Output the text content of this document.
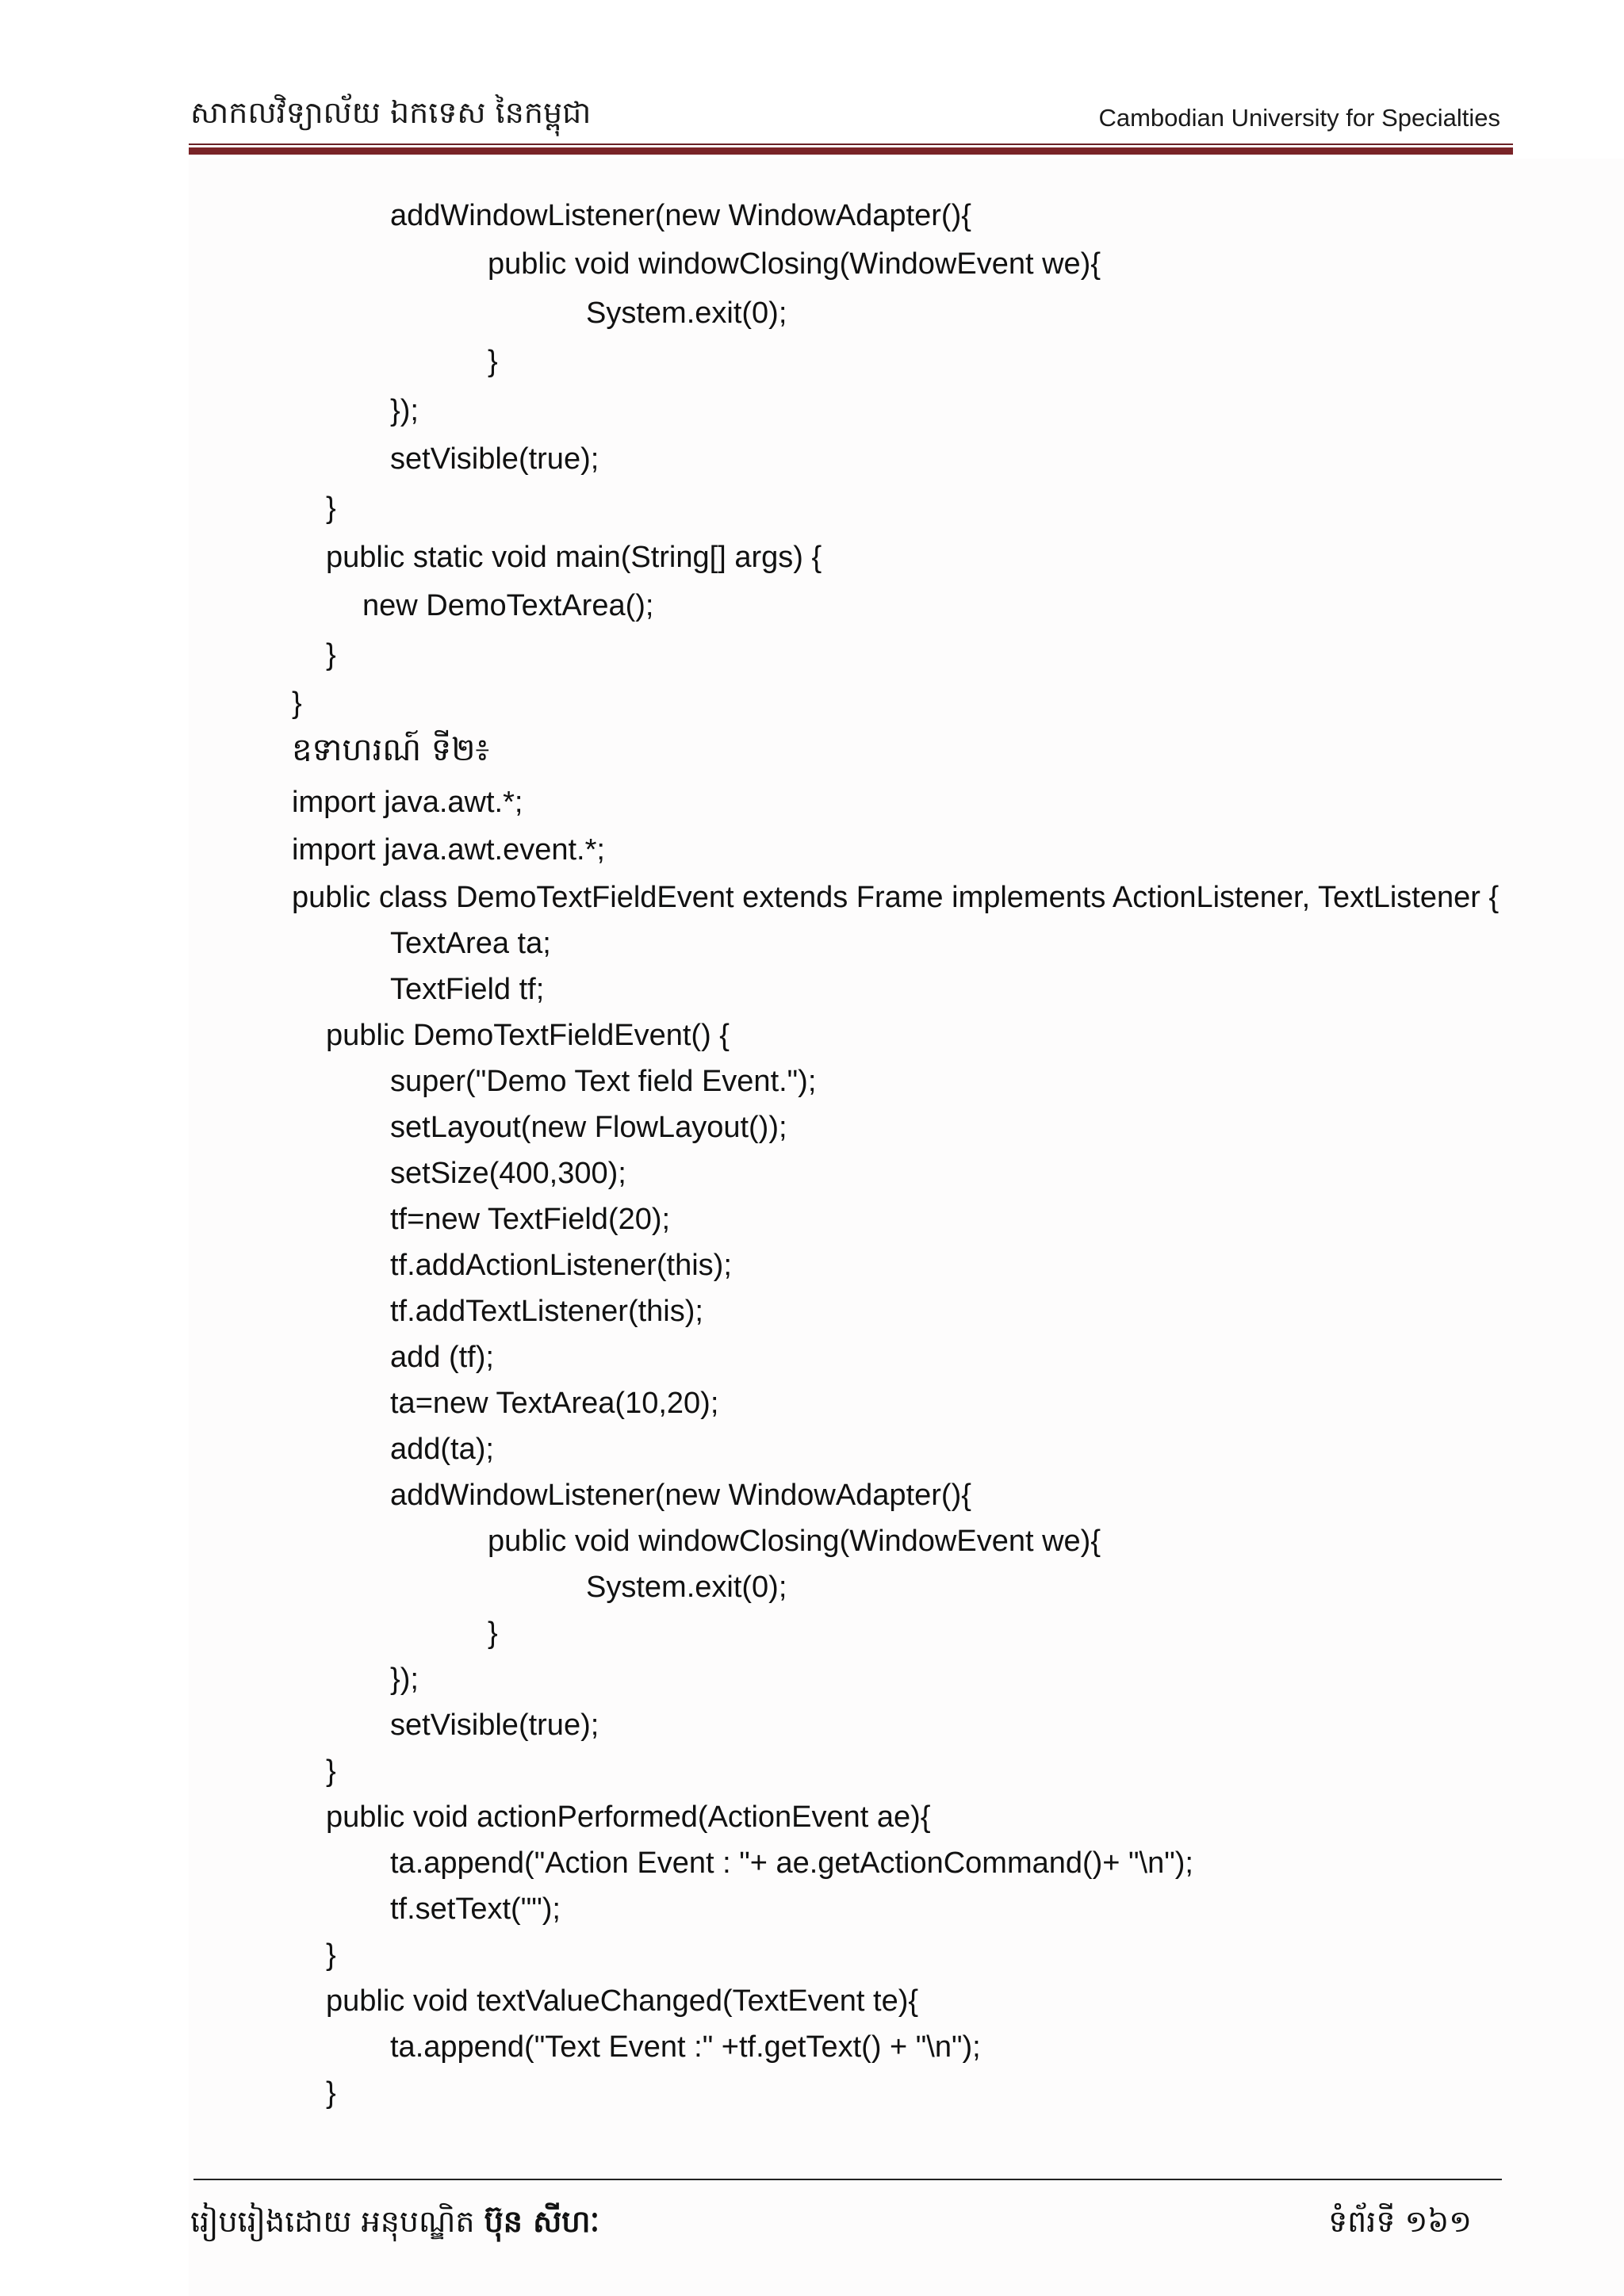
សាកលវិទ្យាល័យ ឯកទេស នៃកម្ពុជា	Cambodian University for Specialties
addWindowListener(new WindowAdapter(){
public void windowClosing(WindowEvent we){
System.exit(0);
}
});
setVisible(true);
}
public static void main(String[] args) {
new DemoTextArea();
}
}
ឧទាហរណ៍ ទី២៖
import java.awt.*;
import java.awt.event.*;
public class DemoTextFieldEvent extends Frame implements ActionListener, TextListener {
TextArea ta;
TextField tf;
public DemoTextFieldEvent() {
super("Demo Text field Event.");
setLayout(new FlowLayout());
setSize(400,300);
tf=new TextField(20);
tf.addActionListener(this);
tf.addTextListener(this);
add (tf);
ta=new TextArea(10,20);
add(ta);
addWindowListener(new WindowAdapter(){
public void windowClosing(WindowEvent we){
System.exit(0);
}
});
setVisible(true);
}
public void actionPerformed(ActionEvent ae){
ta.append("Action Event : "+ ae.getActionCommand()+ "\n");
tf.setText("");
}
public void textValueChanged(TextEvent te){
ta.append("Text Event :" +tf.getText() + "\n");
}
រៀបរៀងដោយ អនុបណ្ឌិត ប៊ុន សីហៈ	ទំព័រទី ១៦១
